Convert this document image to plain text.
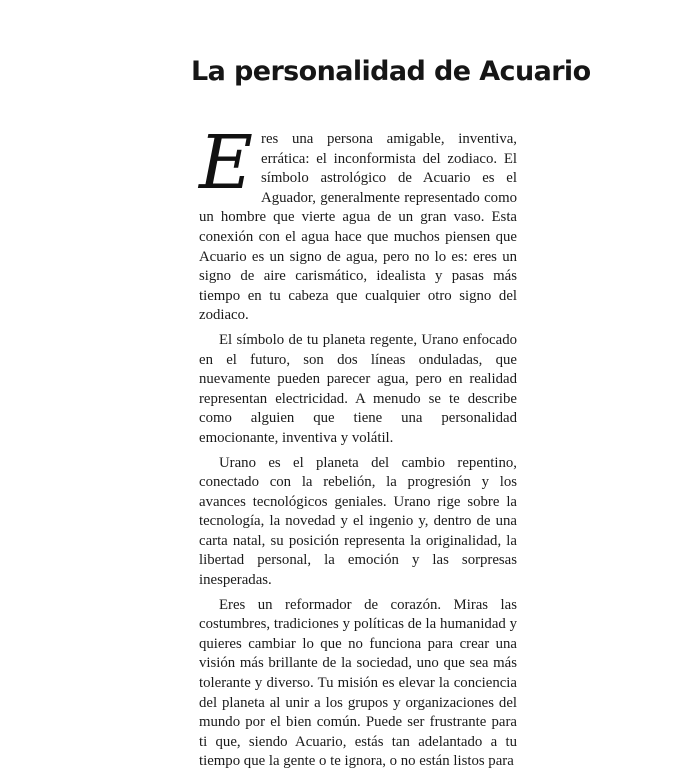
La personalidad de Acuario

Eres una persona amigable, inventiva, errática: el inconformista del zodiaco. El símbolo astrológico de Acuario es el Aguador, generalmente representado como un hombre que vierte agua de un gran vaso. Esta conexión con el agua hace que muchos piensen que Acuario es un signo de agua, pero no lo es: eres un signo de aire carismático, idealista y pasas más tiempo en tu cabeza que cualquier otro signo del zodiaco.

El símbolo de tu planeta regente, Urano enfocado en el futuro, son dos líneas onduladas, que nuevamente pueden parecer agua, pero en realidad representan electricidad. A menudo se te describe como alguien que tiene una personalidad emocionante, inventiva y volátil.

Urano es el planeta del cambio repentino, conectado con la rebelión, la progresión y los avances tecnológicos geniales. Urano rige sobre la tecnología, la novedad y el ingenio y, dentro de una carta natal, su posición representa la originalidad, la libertad personal, la emoción y las sorpresas inesperadas.

Eres un reformador de corazón. Miras las costumbres, tradiciones y políticas de la humanidad y quieres cambiar lo que no funciona para crear una visión más brillante de la sociedad, uno que sea más tolerante y diverso. Tu misión es elevar la conciencia del planeta al unir a los grupos y organizaciones del mundo por el bien común. Puede ser frustrante para ti que, siendo Acuario, estás tan adelantado a tu tiempo que la gente o te ignora, o no están listos para
